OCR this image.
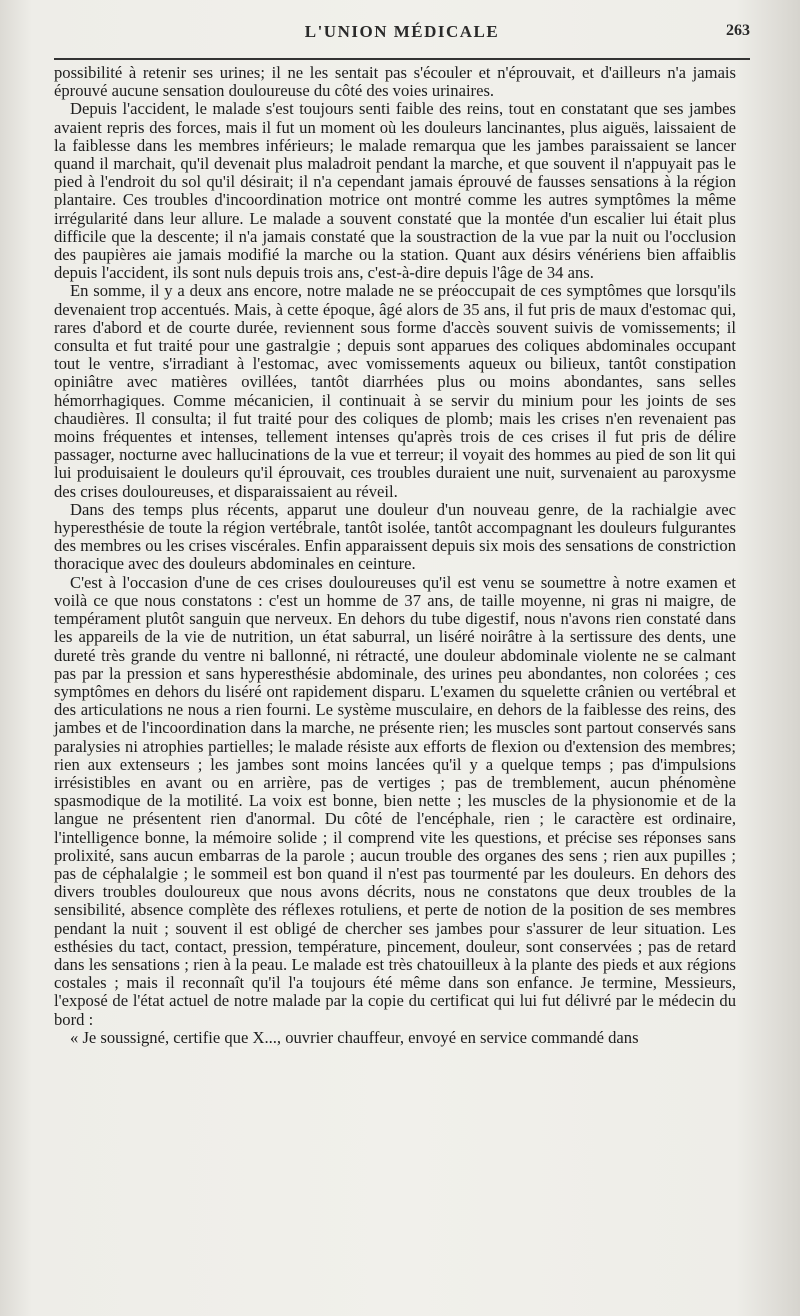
L'UNION MÉDICALE	263

possibilité à retenir ses urines; il ne les sentait pas s'écouler et n'éprouvait, et d'ailleurs n'a jamais éprouvé aucune sensation douloureuse du côté des voies urinaires.

Depuis l'accident, le malade s'est toujours senti faible des reins, tout en constatant que ses jambes avaient repris des forces, mais il fut un moment où les douleurs lancinantes, plus aiguës, laissaient de la faiblesse dans les membres inférieurs; le malade remarqua que les jambes paraissaient se lancer quand il marchait, qu'il devenait plus maladroit pendant la marche, et que souvent il n'appuyait pas le pied à l'endroit du sol qu'il désirait; il n'a cependant jamais éprouvé de fausses sensations à la région plantaire. Ces troubles d'incoordination motrice ont montré comme les autres symptômes la même irrégularité dans leur allure. Le malade a souvent constaté que la montée d'un escalier lui était plus difficile que la descente; il n'a jamais constaté que la soustraction de la vue par la nuit ou l'occlusion des paupières aie jamais modifié la marche ou la station. Quant aux désirs vénériens bien affaiblis depuis l'accident, ils sont nuls depuis trois ans, c'est-à-dire depuis l'âge de 34 ans.

En somme, il y a deux ans encore, notre malade ne se préoccupait de ces symptômes que lorsqu'ils devenaient trop accentués. Mais, à cette époque, âgé alors de 35 ans, il fut pris de maux d'estomac qui, rares d'abord et de courte durée, reviennent sous forme d'accès souvent suivis de vomissements; il consulta et fut traité pour une gastralgie ; depuis sont apparues des coliques abdominales occupant tout le ventre, s'irradiant à l'estomac, avec vomissements aqueux ou bilieux, tantôt constipation opiniâtre avec matières ovillées, tantôt diarrhées plus ou moins abondantes, sans selles hémorrhagiques. Comme mécanicien, il continuait à se servir du minium pour les joints de ses chaudières. Il consulta; il fut traité pour des coliques de plomb; mais les crises n'en revenaient pas moins fréquentes et intenses, tellement intenses qu'après trois de ces crises il fut pris de délire passager, nocturne avec hallucinations de la vue et terreur; il voyait des hommes au pied de son lit qui lui produisaient le douleurs qu'il éprouvait, ces troubles duraient une nuit, survenaient au paroxysme des crises douloureuses, et disparaissaient au réveil.

Dans des temps plus récents, apparut une douleur d'un nouveau genre, de la rachialgie avec hyperesthésie de toute la région vertébrale, tantôt isolée, tantôt accompagnant les douleurs fulgurantes des membres ou les crises viscérales. Enfin apparaissent depuis six mois des sensations de constriction thoracique avec des douleurs abdominales en ceinture.

C'est à l'occasion d'une de ces crises douloureuses qu'il est venu se soumettre à notre examen et voilà ce que nous constatons : c'est un homme de 37 ans, de taille moyenne, ni gras ni maigre, de tempérament plutôt sanguin que nerveux. En dehors du tube digestif, nous n'avons rien constaté dans les appareils de la vie de nutrition, un état saburral, un liséré noirâtre à la sertissure des dents, une dureté très grande du ventre ni ballonné, ni rétracté, une douleur abdominale violente ne se calmant pas par la pression et sans hyperesthésie abdominale, des urines peu abondantes, non colorées ; ces symptômes en dehors du liséré ont rapidement disparu. L'examen du squelette crânien ou vertébral et des articulations ne nous a rien fourni. Le système musculaire, en dehors de la faiblesse des reins, des jambes et de l'incoordination dans la marche, ne présente rien; les muscles sont partout conservés sans paralysies ni atrophies partielles; le malade résiste aux efforts de flexion ou d'extension des membres; rien aux extenseurs ; les jambes sont moins lancées qu'il y a quelque temps ; pas d'impulsions irrésistibles en avant ou en arrière, pas de vertiges ; pas de tremblement, aucun phénomène spasmodique de la motilité. La voix est bonne, bien nette ; les muscles de la physionomie et de la langue ne présentent rien d'anormal. Du côté de l'encéphale, rien ; le caractère est ordinaire, l'intelligence bonne, la mémoire solide ; il comprend vite les questions, et précise ses réponses sans prolixité, sans aucun embarras de la parole ; aucun trouble des organes des sens ; rien aux pupilles ; pas de céphalalgie ; le sommeil est bon quand il n'est pas tourmenté par les douleurs. En dehors des divers troubles douloureux que nous avons décrits, nous ne constatons que deux troubles de la sensibilité, absence complète des réflexes rotuliens, et perte de notion de la position de ses membres pendant la nuit ; souvent il est obligé de chercher ses jambes pour s'assurer de leur situation. Les esthésies du tact, contact, pression, température, pincement, douleur, sont conservées ; pas de retard dans les sensations ; rien à la peau. Le malade est très chatouilleux à la plante des pieds et aux régions costales ; mais il reconnaît qu'il l'a toujours été même dans son enfance. Je termine, Messieurs, l'exposé de l'état actuel de notre malade par la copie du certificat qui lui fut délivré par le médecin du bord :

« Je soussigné, certifie que X..., ouvrier chauffeur, envoyé en service commandé dans
